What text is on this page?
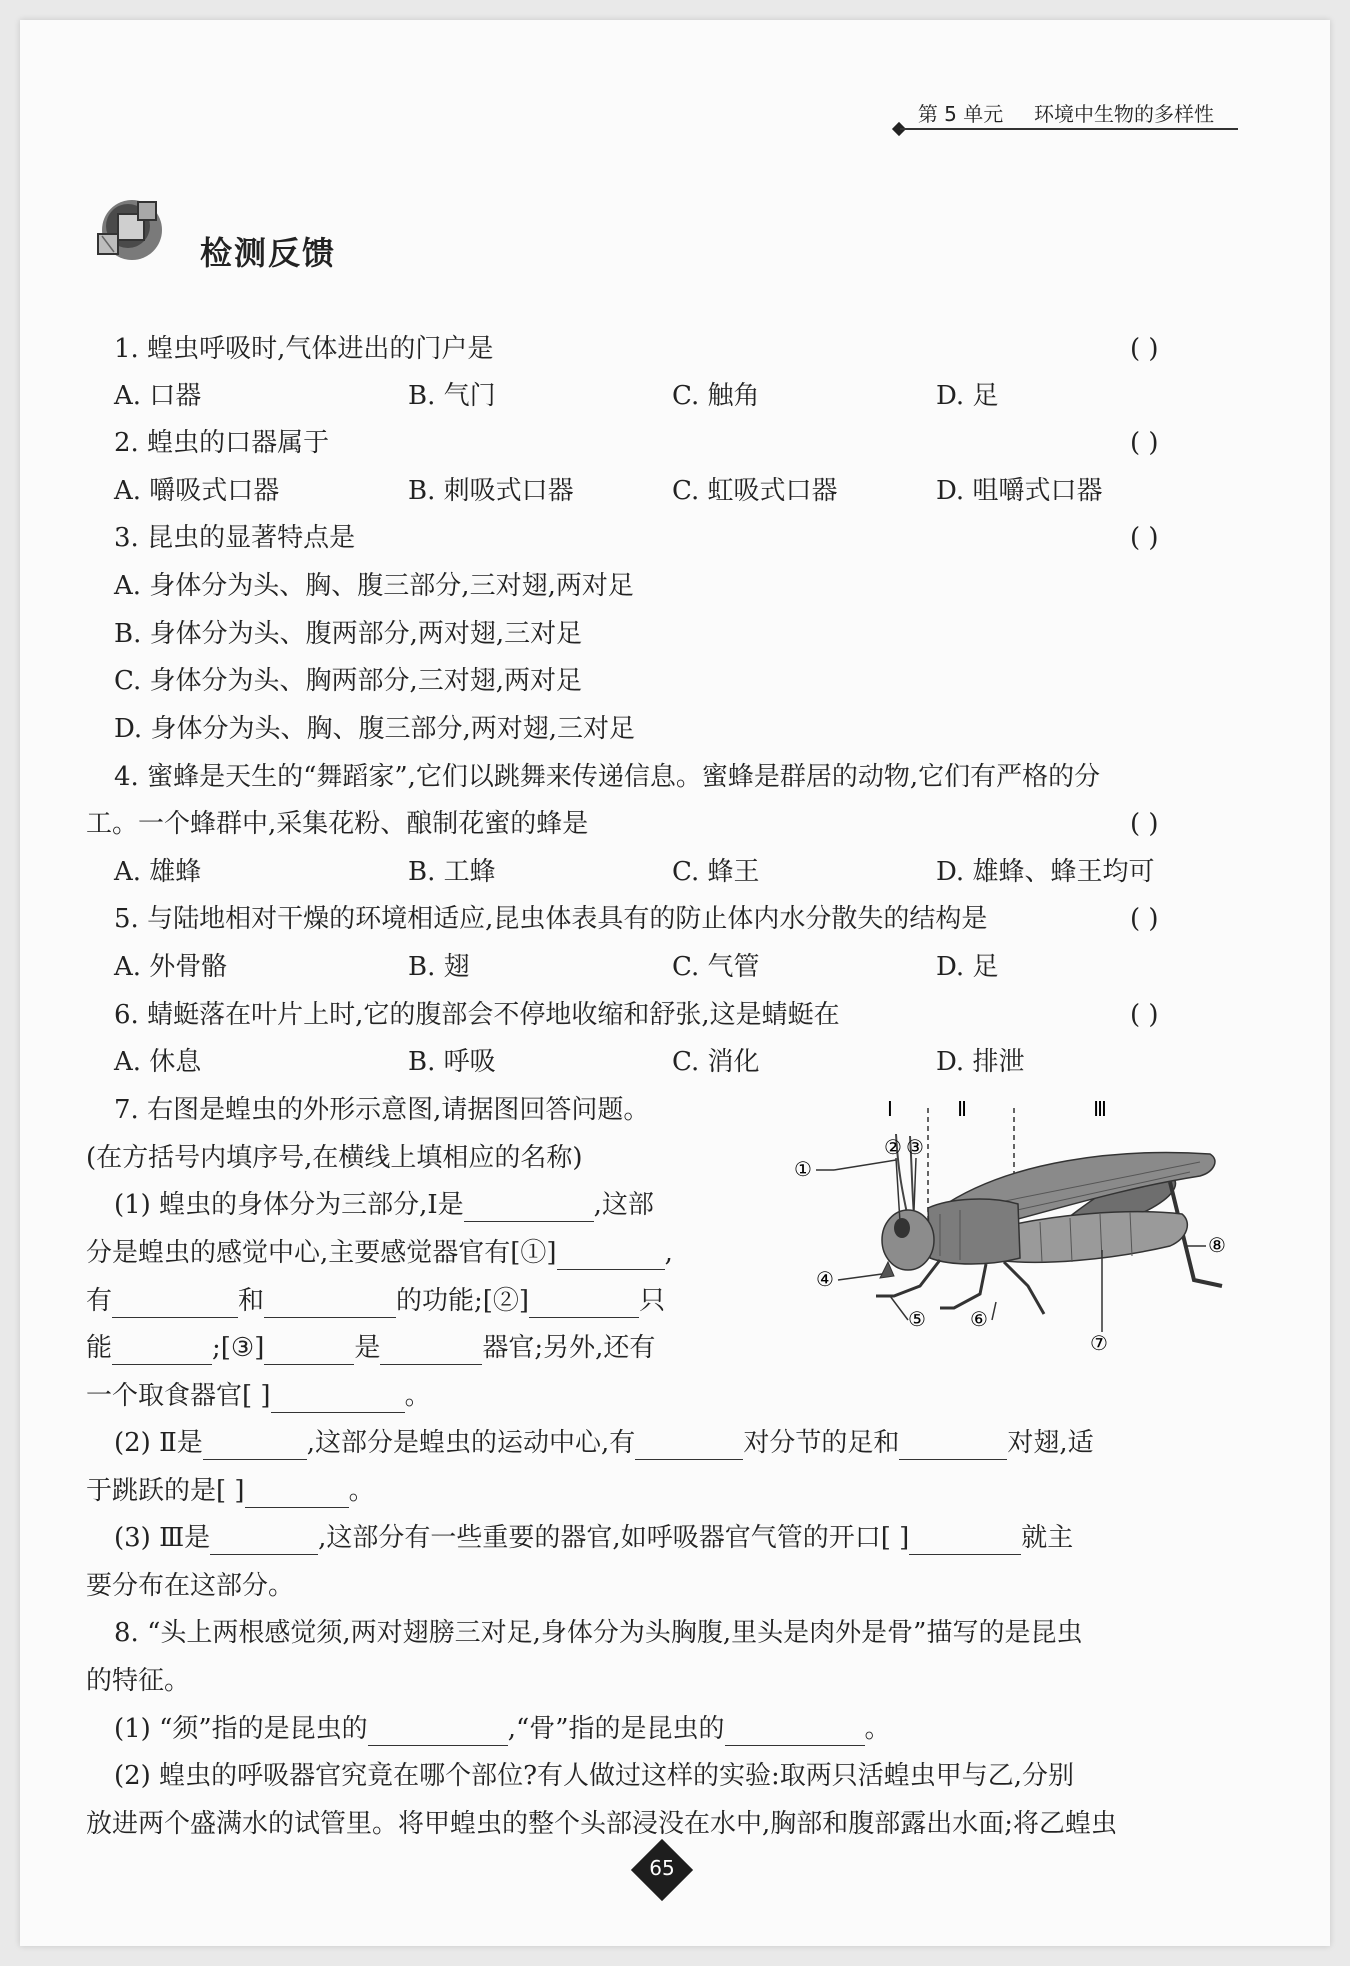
第 5 单元 环境中生物的多样性
检测反馈
1. 蝗虫呼吸时,气体进出的门户是	( )
A. 口器	B. 气门	C. 触角	D. 足
2. 蝗虫的口器属于	( )
A. 嚼吸式口器	B. 刺吸式口器	C. 虹吸式口器	D. 咀嚼式口器
3. 昆虫的显著特点是	( )
A. 身体分为头、胸、腹三部分,三对翅,两对足
B. 身体分为头、腹两部分,两对翅,三对足
C. 身体分为头、胸两部分,三对翅,两对足
D. 身体分为头、胸、腹三部分,两对翅,三对足
4. 蜜蜂是天生的“舞蹈家”,它们以跳舞来传递信息。蜜蜂是群居的动物,它们有严格的分
工。一个蜂群中,采集花粉、酿制花蜜的蜂是	( )
A. 雄蜂	B. 工蜂	C. 蜂王	D. 雄蜂、蜂王均可
5. 与陆地相对干燥的环境相适应,昆虫体表具有的防止体内水分散失的结构是	( )
A. 外骨骼	B. 翅	C. 气管	D. 足
6. 蜻蜓落在叶片上时,它的腹部会不停地收缩和舒张,这是蜻蜓在	( )
A. 休息	B. 呼吸	C. 消化	D. 排泄
7. 右图是蝗虫的外形示意图,请据图回答问题。
(在方括号内填序号,在横线上填相应的名称)
(1) 蝗虫的身体分为三部分,Ⅰ是	,这部
分是蝗虫的感觉中心,主要感觉器官有[①]	,
有	和	的功能;[②]	只
能	;[③]	是	器官;另外,还有
一个取食器官[ ]	。
(2) Ⅱ是	,这部分是蝗虫的运动中心,有	对分节的足和	对翅,适
于跳跃的是[ ]	。
(3) Ⅲ是	,这部分有一些重要的器官,如呼吸器官气管的开口[ ]	就主
要分布在这部分。
Ⅰ	Ⅱ	Ⅲ
①
② ③
④
⑤ ⑥
⑦
⑧
8. “头上两根感觉须,两对翅膀三对足,身体分为头胸腹,里头是肉外是骨”描写的是昆虫
的特征。
(1) “须”指的是昆虫的	,“骨”指的是昆虫的	。
(2) 蝗虫的呼吸器官究竟在哪个部位?有人做过这样的实验:取两只活蝗虫甲与乙,分别
放进两个盛满水的试管里。将甲蝗虫的整个头部浸没在水中,胸部和腹部露出水面;将乙蝗虫
65
